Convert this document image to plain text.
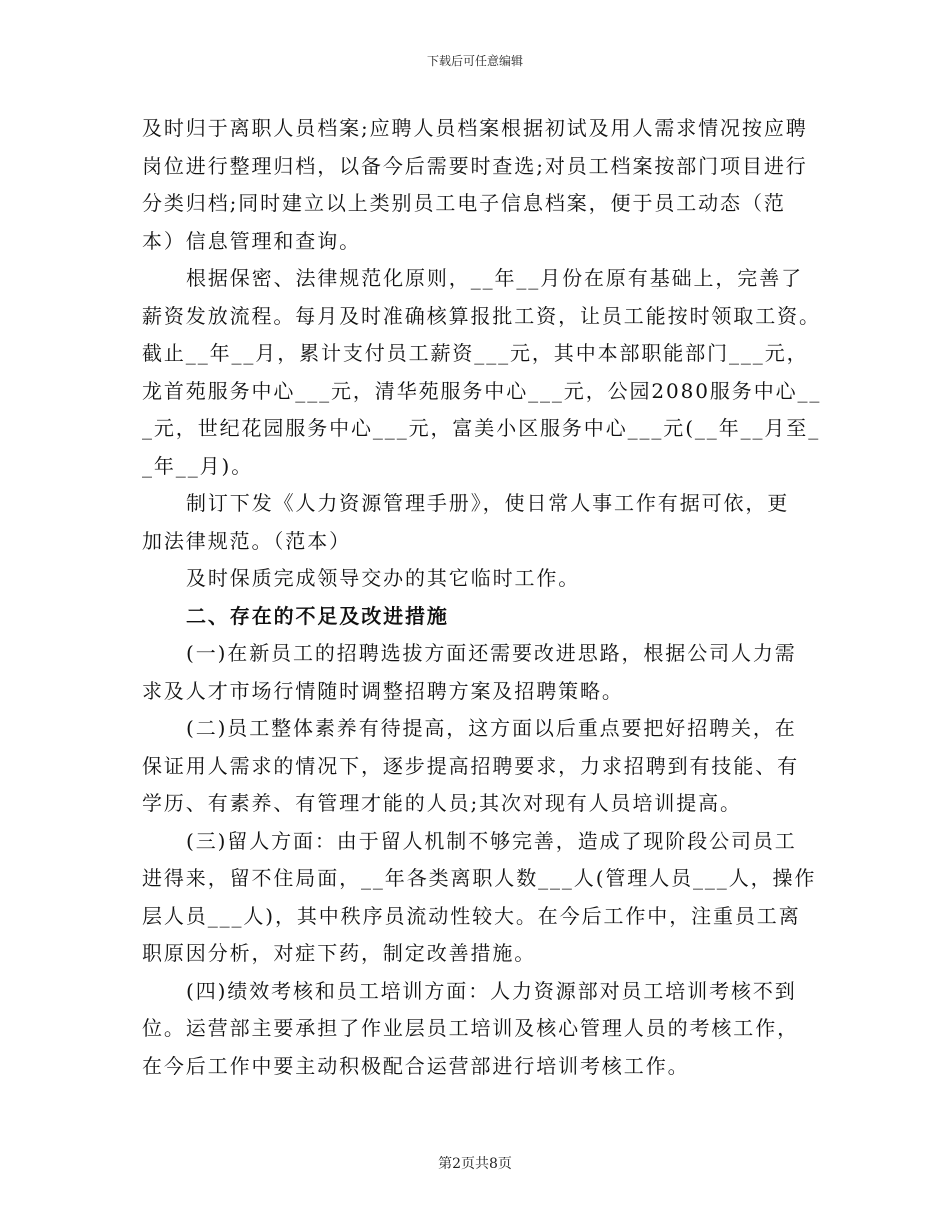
下载后可任意编辑
及时归于离职人员档案;应聘人员档案根据初试及用人需求情况按应聘
岗位进行整理归档，以备今后需要时查选;对员工档案按部门项目进行
分类归档;同时建立以上类别员工电子信息档案，便于员工动态（范
本）信息管理和查询。
根据保密、法律规范化原则，__年__月份在原有基础上，完善了
薪资发放流程。每月及时准确核算报批工资，让员工能按时领取工资。
截止__年__月，累计支付员工薪资___元，其中本部职能部门___元，
龙首苑服务中心___元，清华苑服务中心___元，公园2080服务中心__
_元，世纪花园服务中心___元，富美小区服务中心___元(__年__月至_
_年__月)。
制订下发《人力资源管理手册》，使日常人事工作有据可依，更
加法律规范。（范本）
及时保质完成领导交办的其它临时工作。
二、存在的不足及改进措施
(一)在新员工的招聘选拔方面还需要改进思路，根据公司人力需
求及人才市场行情随时调整招聘方案及招聘策略。
(二)员工整体素养有待提高，这方面以后重点要把好招聘关，在
保证用人需求的情况下，逐步提高招聘要求，力求招聘到有技能、有
学历、有素养、有管理才能的人员;其次对现有人员培训提高。
(三)留人方面：由于留人机制不够完善，造成了现阶段公司员工
进得来，留不住局面，__年各类离职人数___人(管理人员___人，操作
层人员___人)，其中秩序员流动性较大。在今后工作中，注重员工离
职原因分析，对症下药，制定改善措施。
(四)绩效考核和员工培训方面：人力资源部对员工培训考核不到
位。运营部主要承担了作业层员工培训及核心管理人员的考核工作，
在今后工作中要主动积极配合运营部进行培训考核工作。
第2页共8页
